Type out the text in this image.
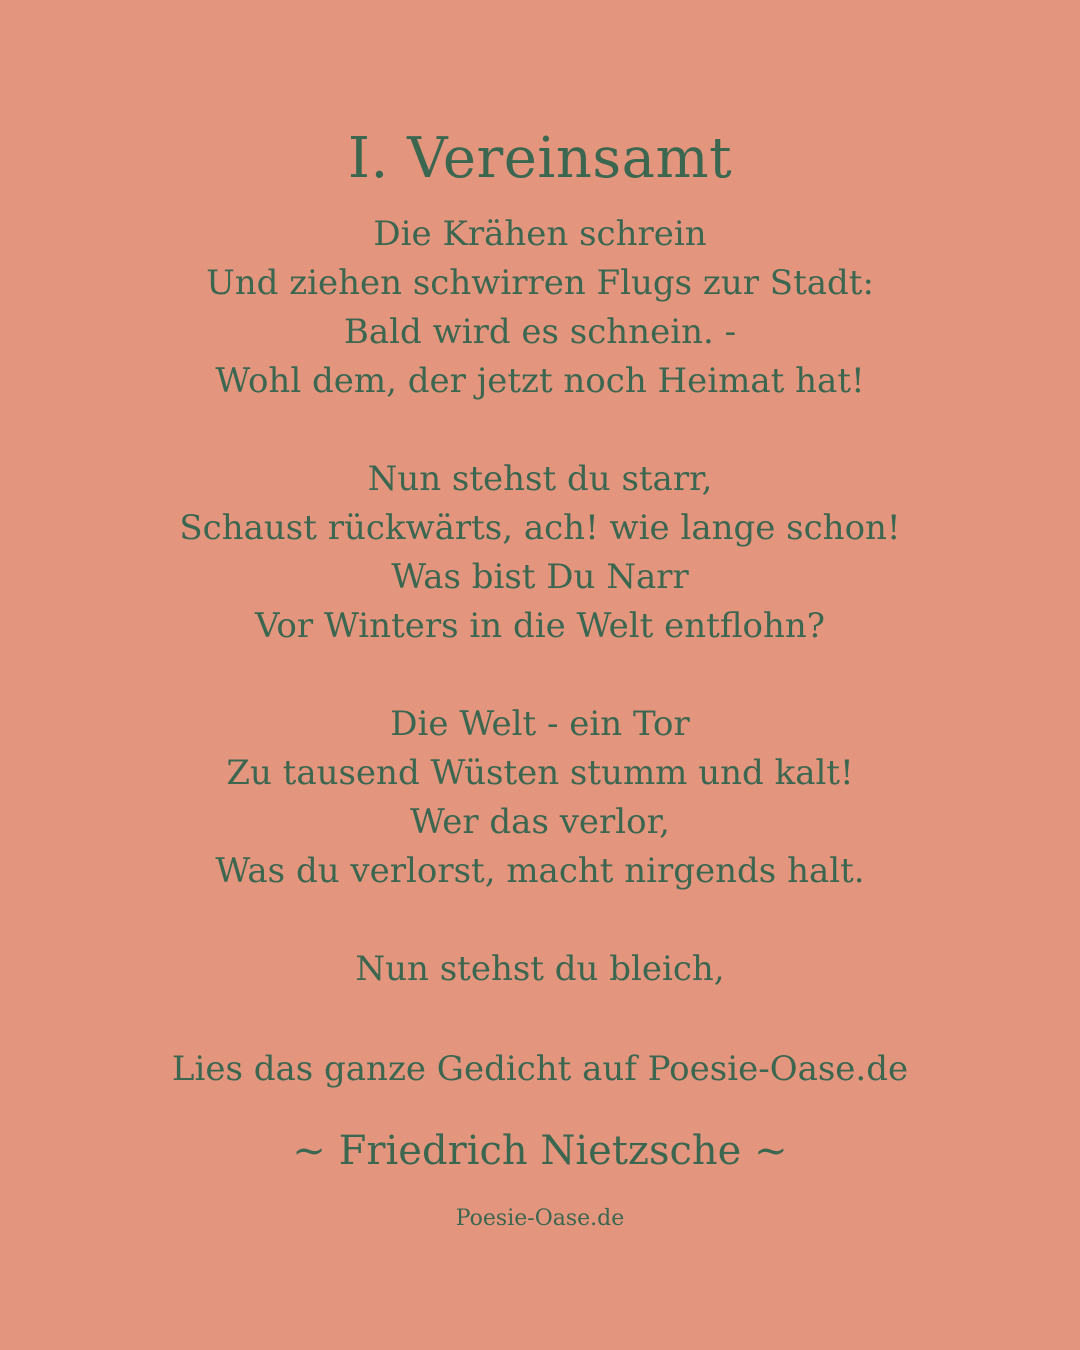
I. Vereinsamt
Die Krähen schrein
Und ziehen schwirren Flugs zur Stadt:
Bald wird es schnein. -
Wohl dem, der jetzt noch Heimat hat!
Nun stehst du starr,
Schaust rückwärts, ach! wie lange schon!
Was bist Du Narr
Vor Winters in die Welt entflohn?
Die Welt - ein Tor
Zu tausend Wüsten stumm und kalt!
Wer das verlor,
Was du verlorst, macht nirgends halt.
Nun stehst du bleich,
Lies das ganze Gedicht auf Poesie-Oase.de
~ Friedrich Nietzsche ~
Poesie-Oase.de
